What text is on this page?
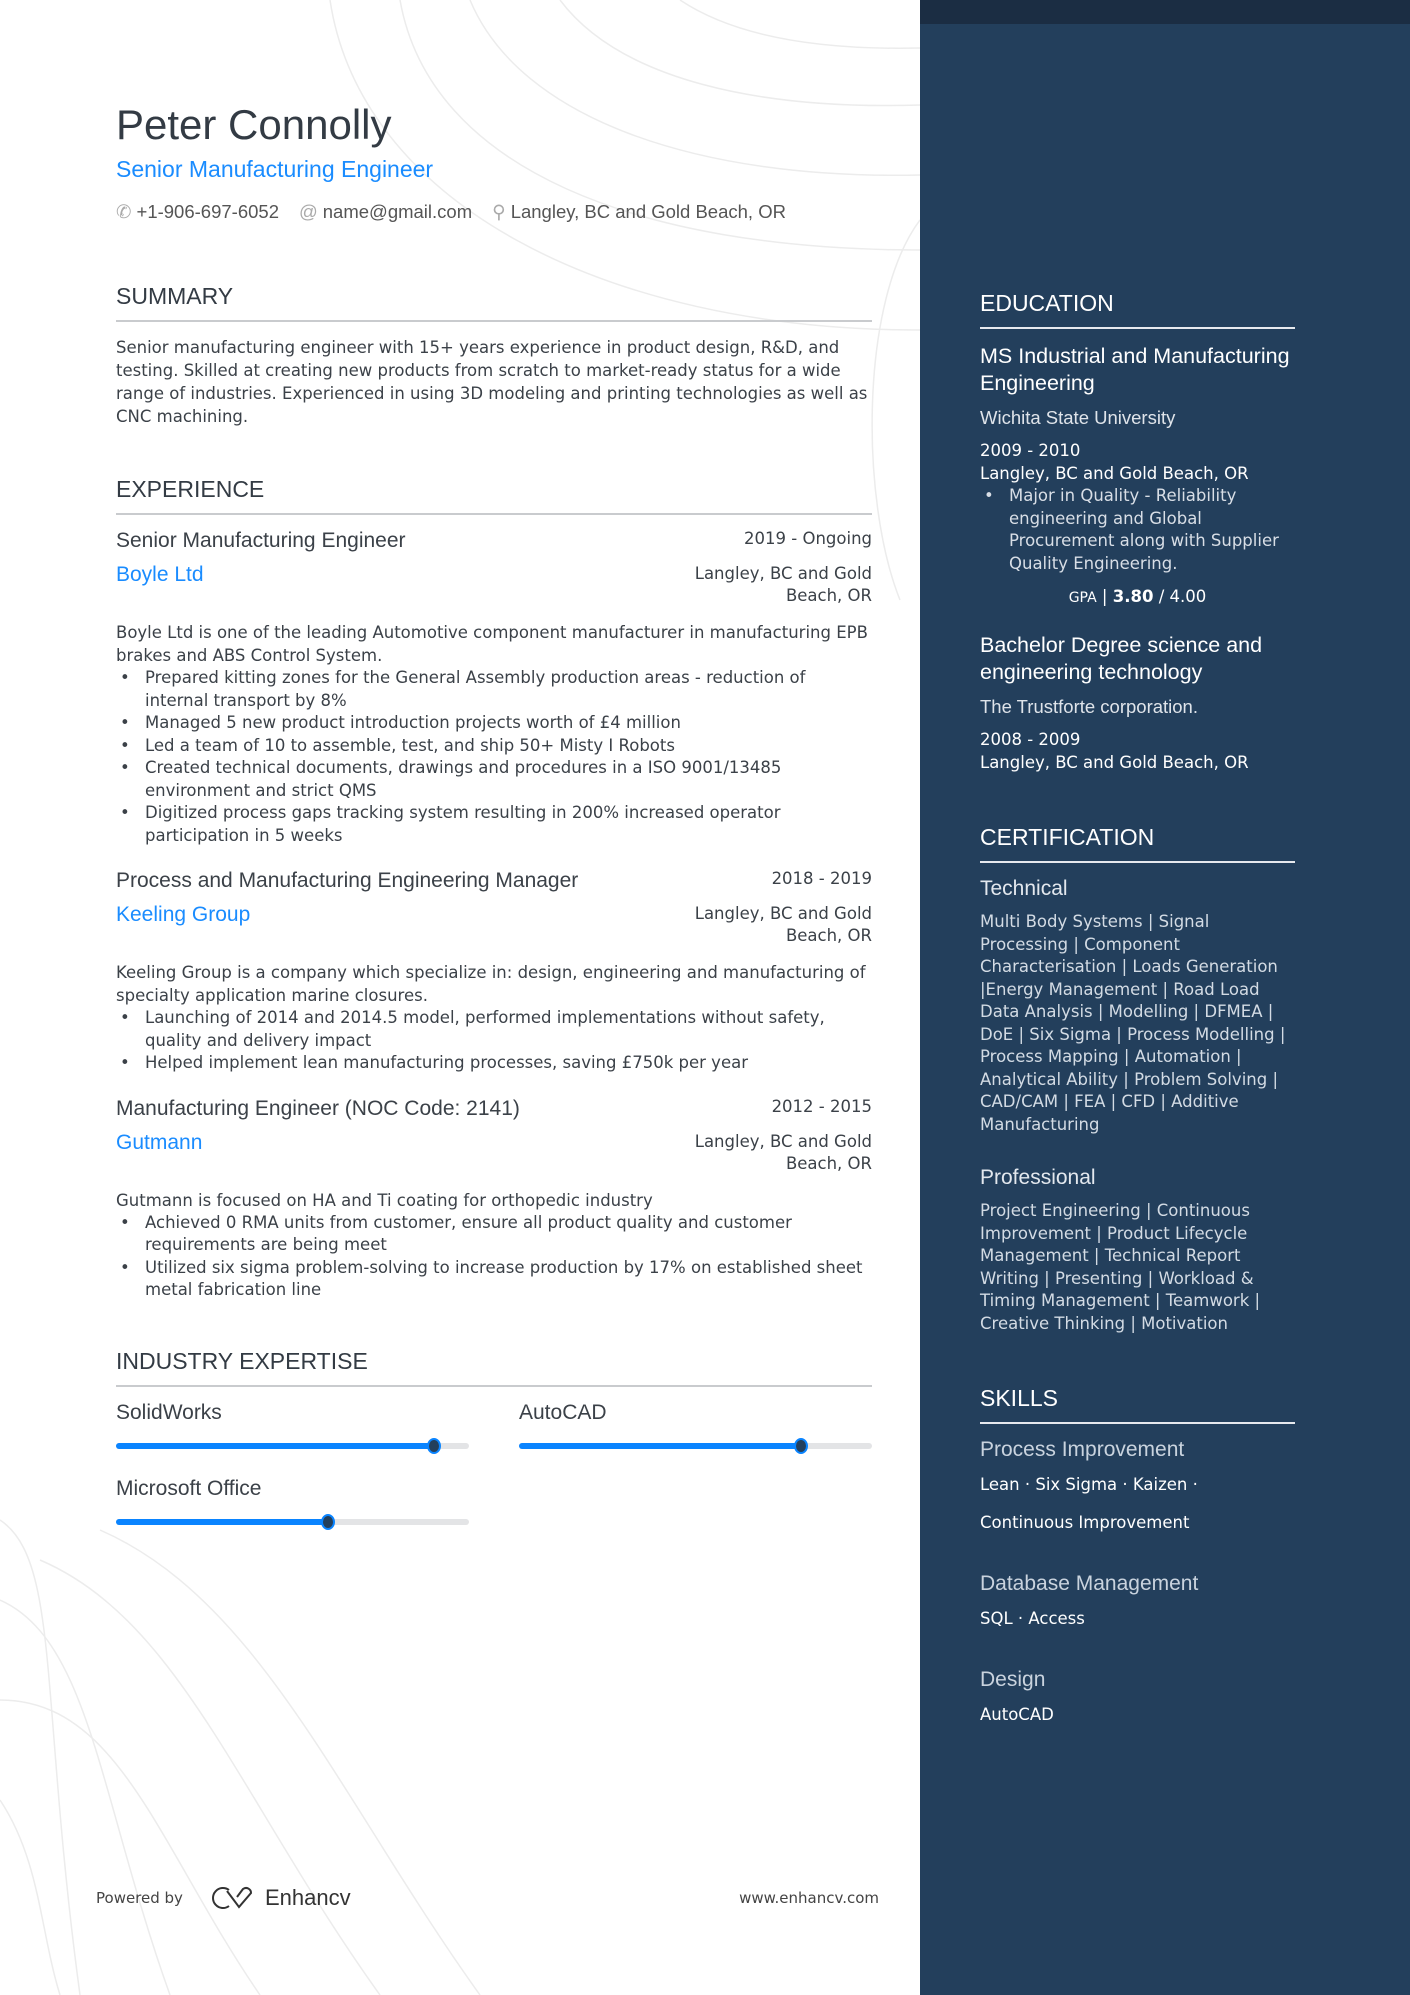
Peter Connolly
Senior Manufacturing Engineer
✆ +1-906-697-6052 @ name@gmail.com ⚲ Langley, BC and Gold Beach, OR
SUMMARY
Senior manufacturing engineer with 15+ years experience in product design, R&D, and testing. Skilled at creating new products from scratch to market-ready status for a wide range of industries. Experienced in using 3D modeling and printing technologies as well as CNC machining.
EXPERIENCE
Senior Manufacturing Engineer	2019 - Ongoing
Boyle Ltd	Langley, BC and Gold Beach, OR
Boyle Ltd is one of the leading Automotive component manufacturer in manufacturing EPB brakes and ABS Control System.
• Prepared kitting zones for the General Assembly production areas - reduction of internal transport by 8%
• Managed 5 new product introduction projects worth of £4 million
• Led a team of 10 to assemble, test, and ship 50+ Misty I Robots
• Created technical documents, drawings and procedures in a ISO 9001/13485 environment and strict QMS
• Digitized process gaps tracking system resulting in 200% increased operator participation in 5 weeks
Process and Manufacturing Engineering Manager	2018 - 2019
Keeling Group	Langley, BC and Gold Beach, OR
Keeling Group is a company which specialize in: design, engineering and manufacturing of specialty application marine closures.
• Launching of 2014 and 2014.5 model, performed implementations without safety, quality and delivery impact
• Helped implement lean manufacturing processes, saving £750k per year
Manufacturing Engineer (NOC Code: 2141)	2012 - 2015
Gutmann	Langley, BC and Gold Beach, OR
Gutmann is focused on HA and Ti coating for orthopedic industry
• Achieved 0 RMA units from customer, ensure all product quality and customer requirements are being meet
• Utilized six sigma problem-solving to increase production by 17% on established sheet metal fabrication line
INDUSTRY EXPERTISE
SolidWorks	AutoCAD
Microsoft Office
Powered by	Enhancv	www.enhancv.com
EDUCATION
MS Industrial and Manufacturing Engineering
Wichita State University
2009 - 2010
Langley, BC and Gold Beach, OR
• Major in Quality - Reliability engineering and Global Procurement along with Supplier Quality Engineering.
GPA | 3.80 / 4.00
Bachelor Degree science and engineering technology
The Trustforte corporation.
2008 - 2009
Langley, BC and Gold Beach, OR
CERTIFICATION
Technical
Multi Body Systems | Signal Processing | Component Characterisation | Loads Generation |Energy Management | Road Load Data Analysis | Modelling | DFMEA | DoE | Six Sigma | Process Modelling | Process Mapping | Automation | Analytical Ability | Problem Solving | CAD/CAM | FEA | CFD | Additive Manufacturing
Professional
Project Engineering | Continuous Improvement | Product Lifecycle Management | Technical Report Writing | Presenting | Workload & Timing Management | Teamwork | Creative Thinking | Motivation
SKILLS
Process Improvement
Lean · Six Sigma · Kaizen · Continuous Improvement
Database Management
SQL · Access
Design
AutoCAD
